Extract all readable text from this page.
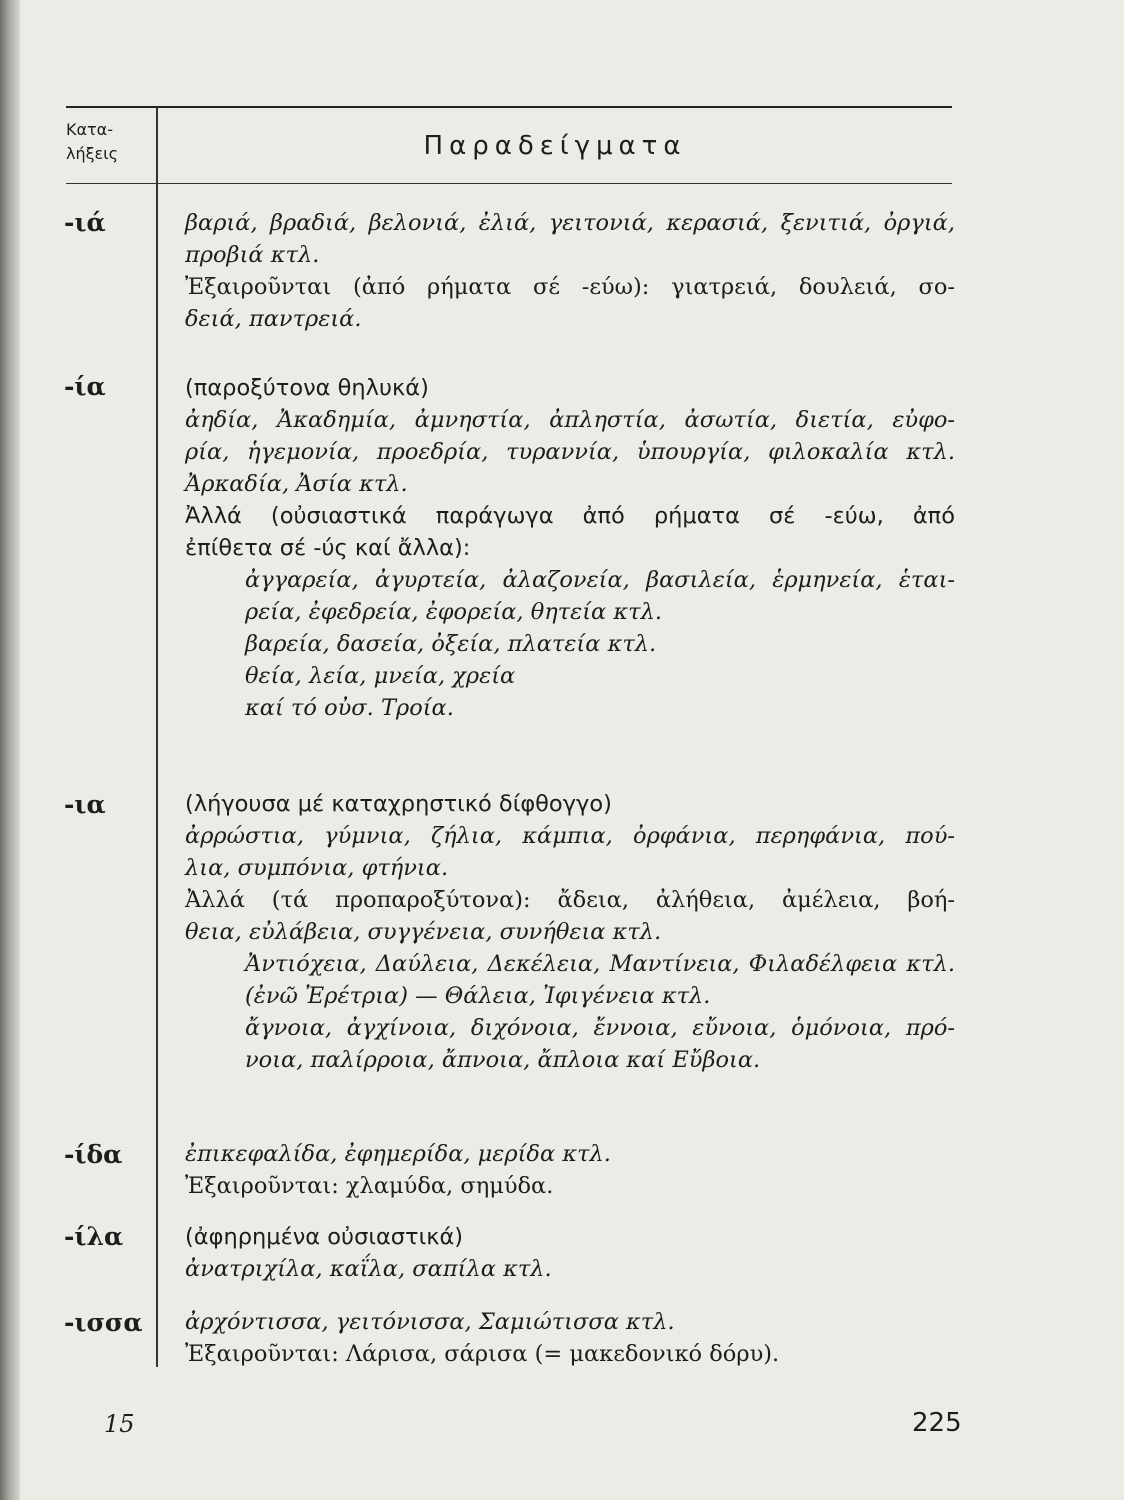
Κατα-
λήξεις	Παραδείγματα
-ιά	βαριά, βραδιά, βελονιά, ἐλιά, γειτονιά, κερασιά, ξενιτιά, ὀργιά,
προβιά κτλ.
Ἐξαιροῦνται (ἀπό ρήματα σέ -εύω): γιατρειά, δουλειά, σο-
δειά, παντρειά.
-ία	(παροξύτονα θηλυκά)
ἀηδία, Ἀκαδημία, ἀμνηστία, ἀπληστία, ἀσωτία, διετία, εὐφο-
ρία, ἡγεμονία, προεδρία, τυραννία, ὑπουργία, φιλοκαλία κτλ.
Ἀρκαδία, Ἀσία κτλ.
Ἀλλά (οὐσιαστικά παράγωγα ἀπό ρήματα σέ -εύω, ἀπό
ἐπίθετα σέ -ύς καί ἄλλα):
ἀγγαρεία, ἀγυρτεία, ἀλαζονεία, βασιλεία, ἑρμηνεία, ἑται-
ρεία, ἐφεδρεία, ἐφορεία, θητεία κτλ.
βαρεία, δασεία, ὀξεία, πλατεία κτλ.
θεία, λεία, μνεία, χρεία
καί τό οὐσ. Τροία.
-ια	(λήγουσα μέ καταχρηστικό δίφθογγο)
ἀρρώστια, γύμνια, ζήλια, κάμπια, ὀρφάνια, περηφάνια, πού-
λια, συμπόνια, φτήνια.
Ἀλλά (τά προπαροξύτονα): ἄδεια, ἀλήθεια, ἀμέλεια, βοή-
θεια, εὐλάβεια, συγγένεια, συνήθεια κτλ.
Ἀντιόχεια, Δαύλεια, Δεκέλεια, Μαντίνεια, Φιλαδέλφεια κτλ.
(ἐνῶ Ἐρέτρια) — Θάλεια, Ἰφιγένεια κτλ.
ἄγνοια, ἀγχίνοια, διχόνοια, ἔννοια, εὔνοια, ὁμόνοια, πρό-
νοια, παλίρροια, ἄπνοια, ἄπλοια καί Εὔβοια.
-ίδα	ἐπικεφαλίδα, ἐφημερίδα, μερίδα κτλ.
Ἐξαιροῦνται: χλαμύδα, σημύδα.
-ίλα	(ἀφηρημένα οὐσιαστικά)
ἀνατριχίλα, καΐλα, σαπίλα κτλ.
-ισσα ἀρχόντισσα, γειτόνισσα, Σαμιώτισσα κτλ.
Ἐξαιροῦνται: Λάρισα, σάρισα (= μακεδονικό δόρυ).
15	225
